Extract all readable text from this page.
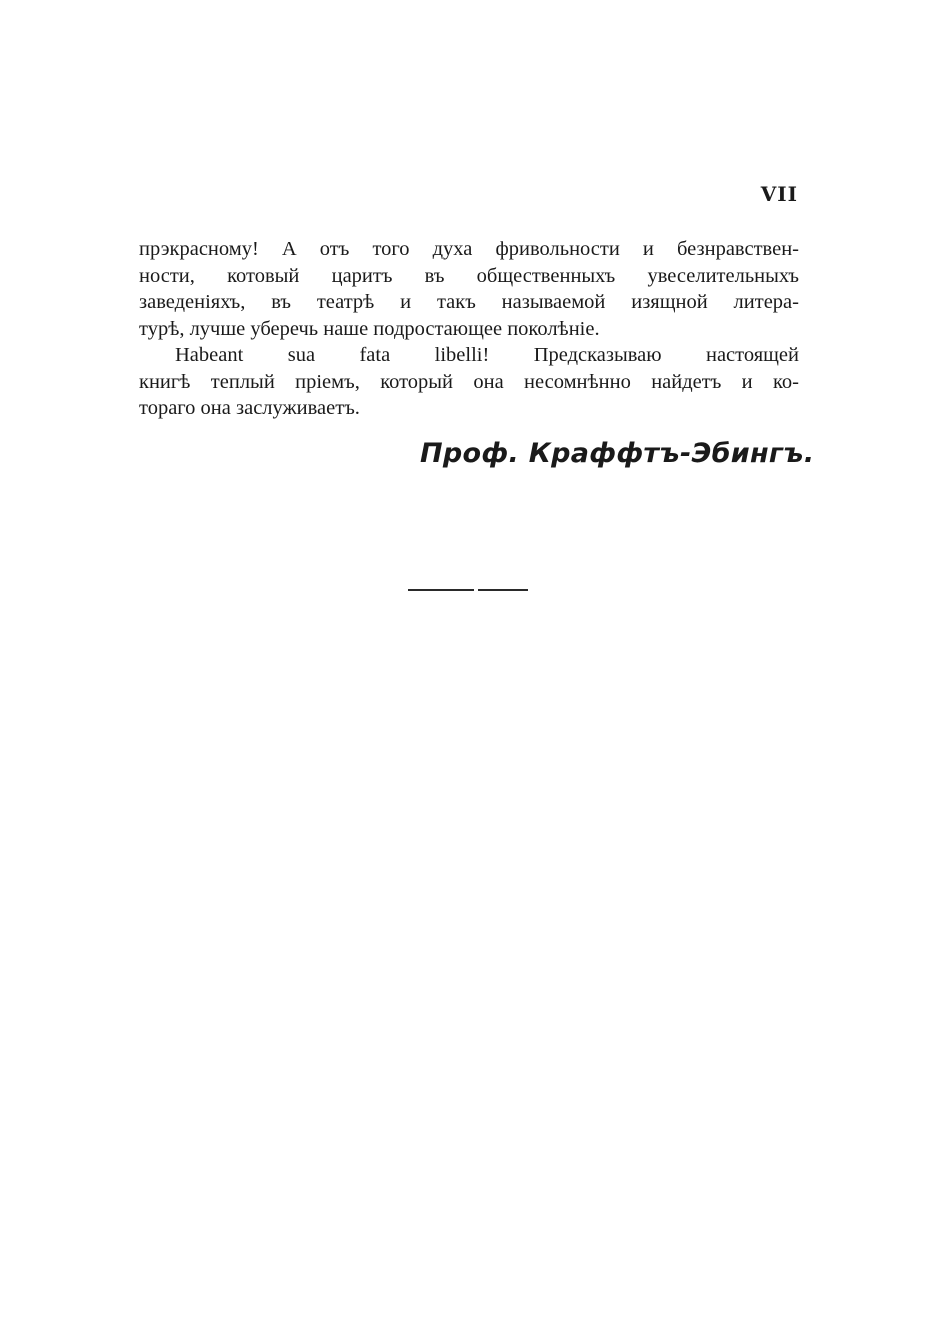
VII
прэкрасному! А отъ того духа фривольности и безнравствен-
ности, котовый царитъ въ общественныхъ увеселительныхъ
заведеніяхъ, въ театрѣ и такъ называемой изящной литера-
турѣ, лучше уберечь наше подростающее поколѣніе.
Habeant sua fata libelli! Предсказываю настоящей
книгѣ теплый пріемъ, который она несомнѣнно найдетъ и ко-
тораго она заслуживаетъ.
Проф. Краффтъ-Эбингъ.
